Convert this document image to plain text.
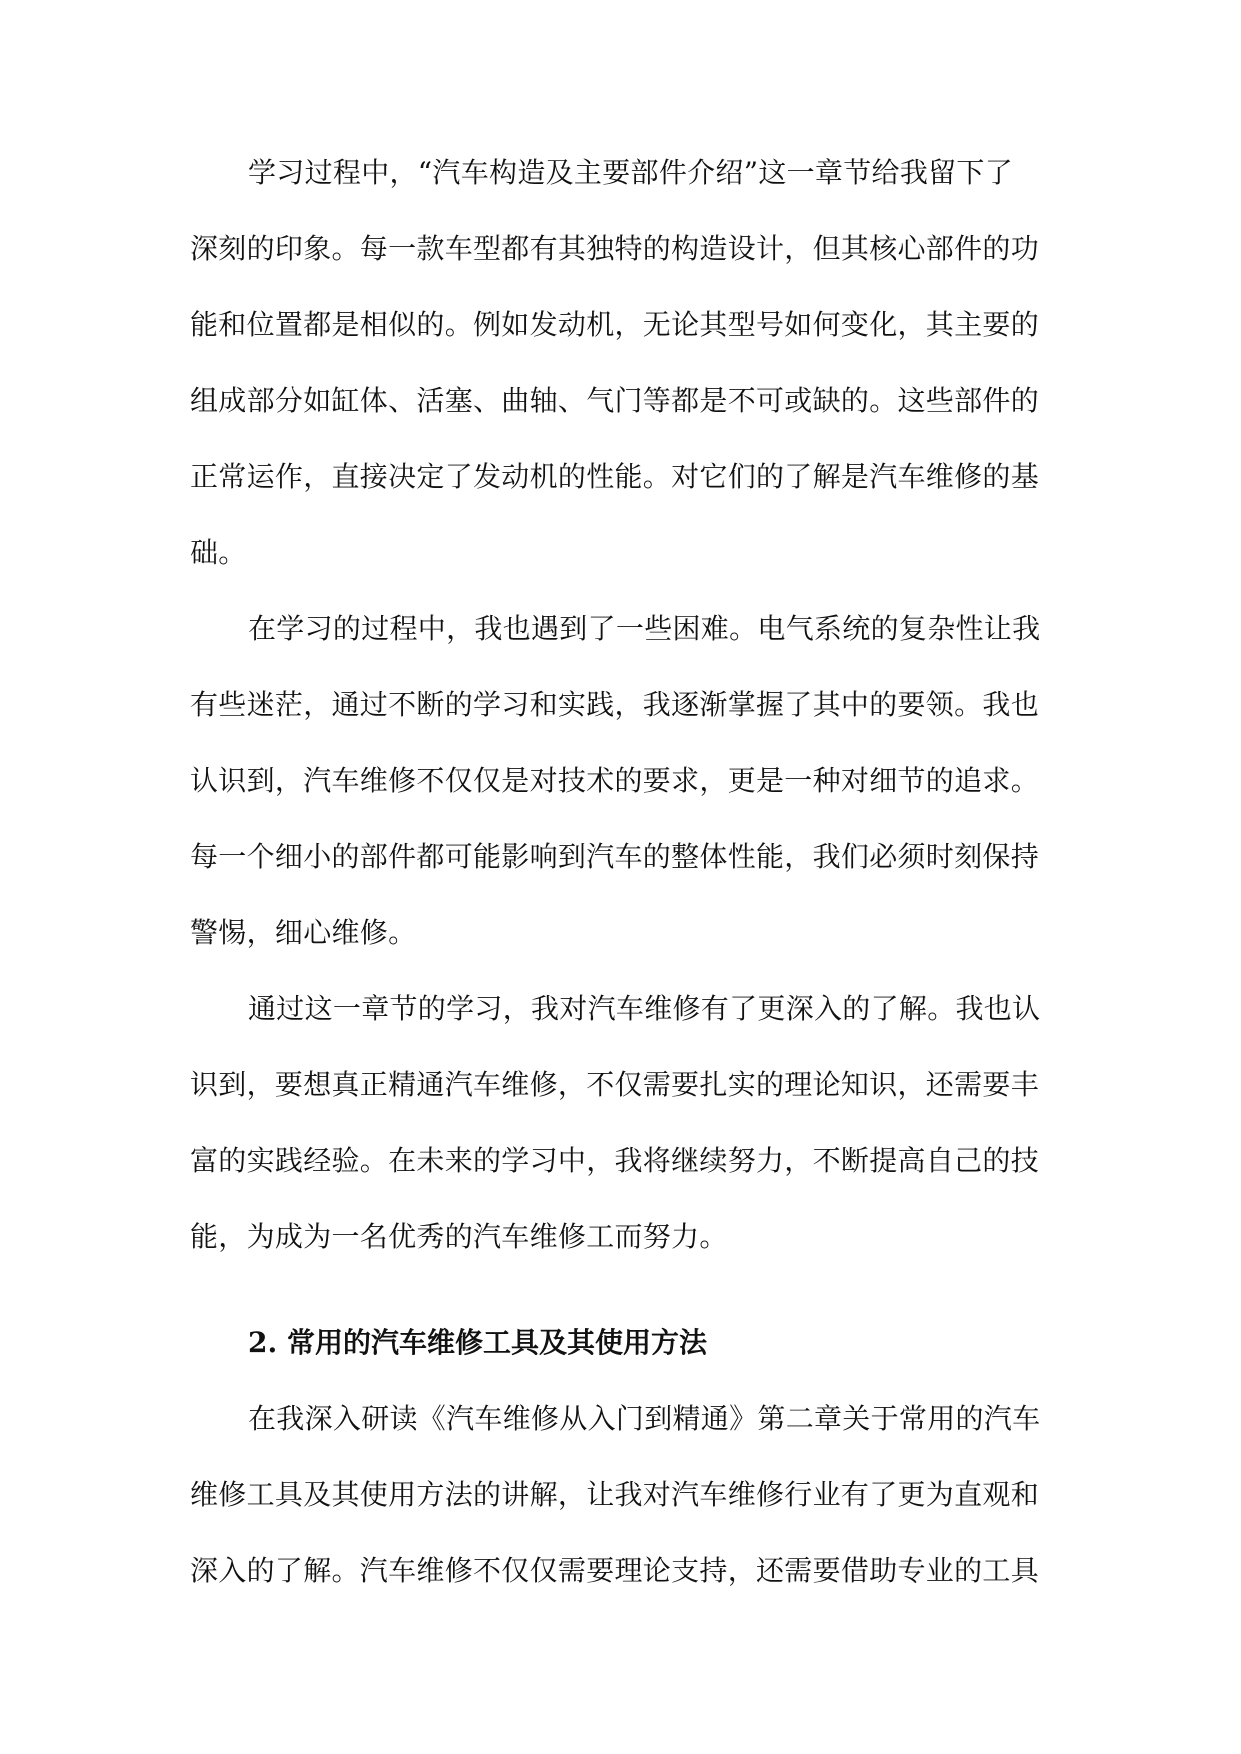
学习过程中，“汽车构造及主要部件介绍”这一章节给我留下了
深刻的印象。每一款车型都有其独特的构造设计，但其核心部件的功
能和位置都是相似的。例如发动机，无论其型号如何变化，其主要的
组成部分如缸体、活塞、曲轴、气门等都是不可或缺的。这些部件的
正常运作，直接决定了发动机的性能。对它们的了解是汽车维修的基
础。
在学习的过程中，我也遇到了一些困难。电气系统的复杂性让我
有些迷茫，通过不断的学习和实践，我逐渐掌握了其中的要领。我也
认识到，汽车维修不仅仅是对技术的要求，更是一种对细节的追求。
每一个细小的部件都可能影响到汽车的整体性能，我们必须时刻保持
警惕，细心维修。
通过这一章节的学习，我对汽车维修有了更深入的了解。我也认
识到，要想真正精通汽车维修，不仅需要扎实的理论知识，还需要丰
富的实践经验。在未来的学习中，我将继续努力，不断提高自己的技
能，为成为一名优秀的汽车维修工而努力。
2. 常用的汽车维修工具及其使用方法
在我深入研读《汽车维修从入门到精通》第二章关于常用的汽车
维修工具及其使用方法的讲解，让我对汽车维修行业有了更为直观和
深入的了解。汽车维修不仅仅需要理论支持，还需要借助专业的工具
